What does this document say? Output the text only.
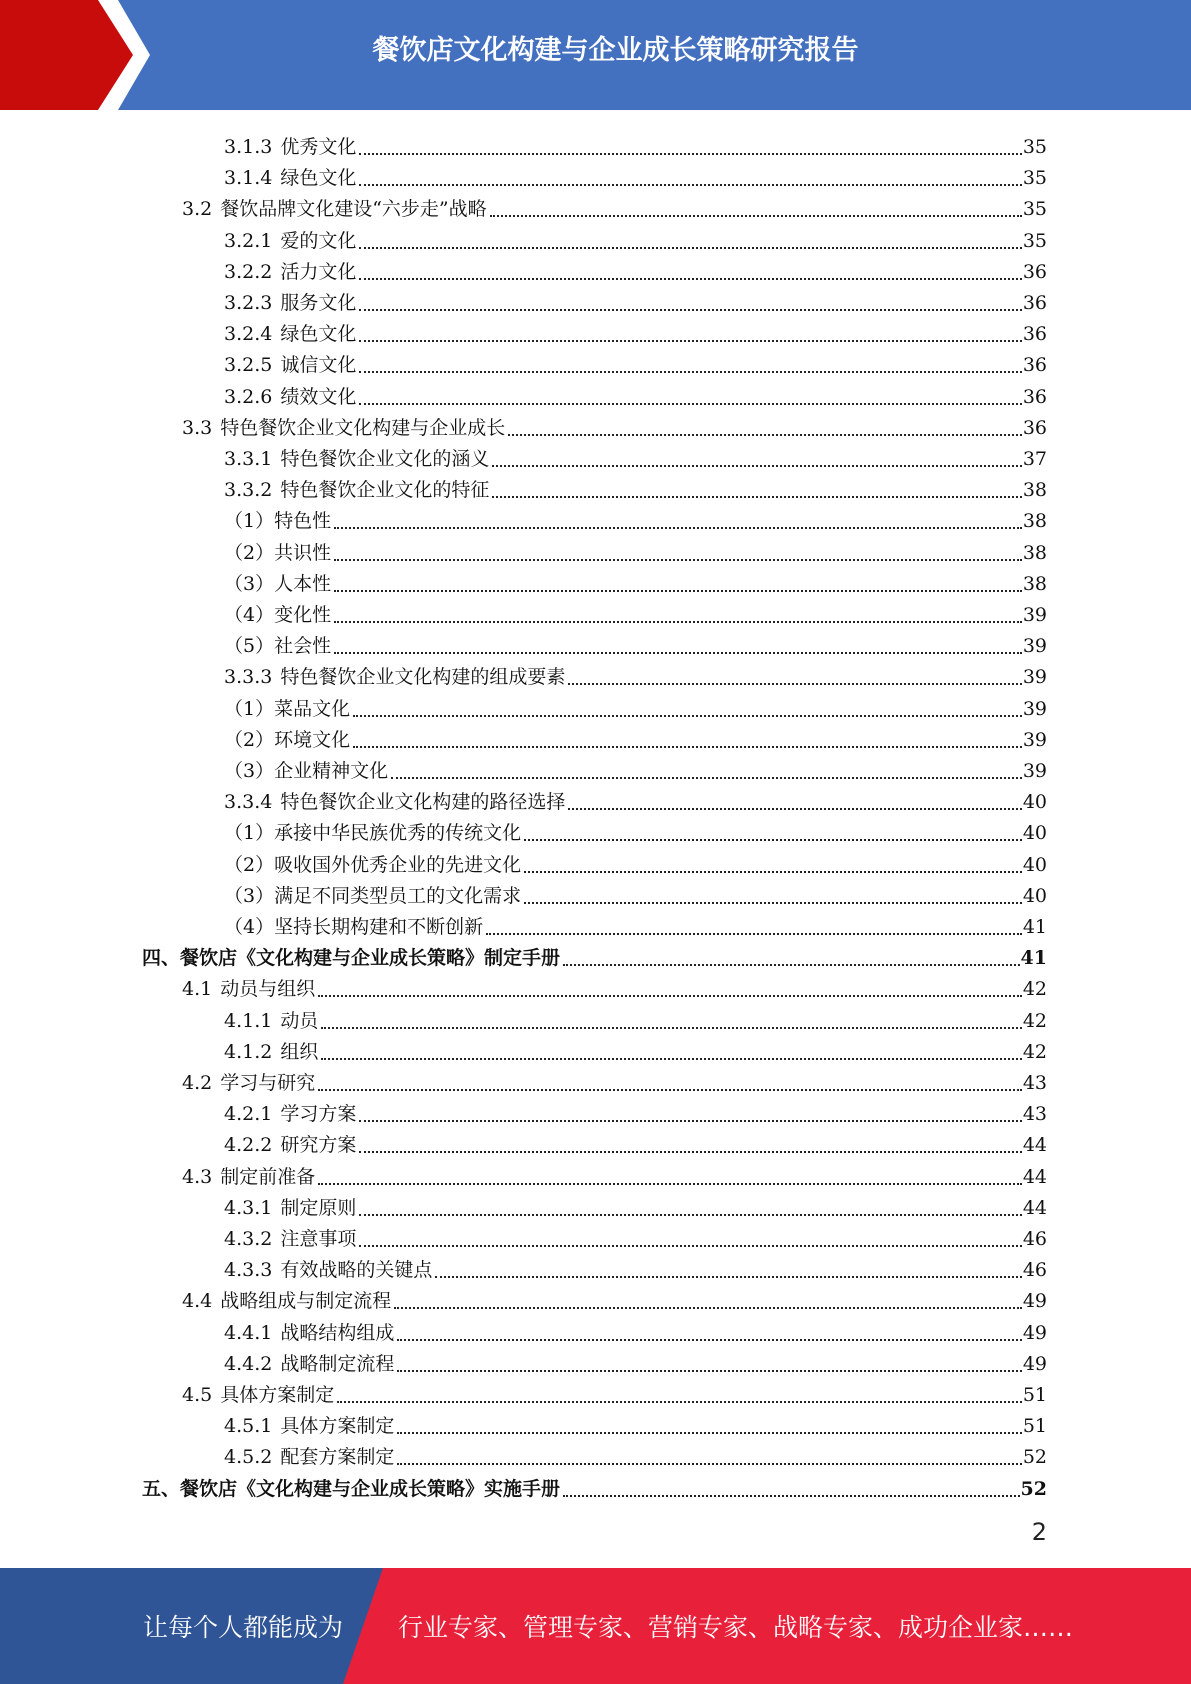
餐饮店文化构建与企业成长策略研究报告
3.1.3 优秀文化	35
3.1.4 绿色文化	35
3.2 餐饮品牌文化建设“六步走”战略	35
3.2.1 爱的文化	35
3.2.2 活力文化	36
3.2.3 服务文化	36
3.2.4 绿色文化	36
3.2.5 诚信文化	36
3.2.6 绩效文化	36
3.3 特色餐饮企业文化构建与企业成长	36
3.3.1 特色餐饮企业文化的涵义	37
3.3.2 特色餐饮企业文化的特征	38
（1） 特色性	38
（2） 共识性	38
（3） 人本性	38
（4） 变化性	39
（5） 社会性	39
3.3.3 特色餐饮企业文化构建的组成要素	39
（1） 菜品文化	39
（2） 环境文化	39
（3） 企业精神文化	39
3.3.4 特色餐饮企业文化构建的路径选择	40
（1） 承接中华民族优秀的传统文化	40
（2） 吸收国外优秀企业的先进文化	40
（3） 满足不同类型员工的文化需求	40
（4） 坚持长期构建和不断创新	41
四、 餐饮店《文化构建与企业成长策略》制定手册	41
4.1 动员与组织	42
4.1.1 动员	42
4.1.2 组织	42
4.2 学习与研究	43
4.2.1 学习方案	43
4.2.2 研究方案	44
4.3 制定前准备	44
4.3.1 制定原则	44
4.3.2 注意事项	46
4.3.3 有效战略的关键点	46
4.4 战略组成与制定流程	49
4.4.1 战略结构组成	49
4.4.2 战略制定流程	49
4.5 具体方案制定	51
4.5.1 具体方案制定	51
4.5.2 配套方案制定	52
五、 餐饮店《文化构建与企业成长策略》实施手册	52
2
让每个人都能成为 行业专家、管理专家、营销专家、战略专家、成功企业家……
